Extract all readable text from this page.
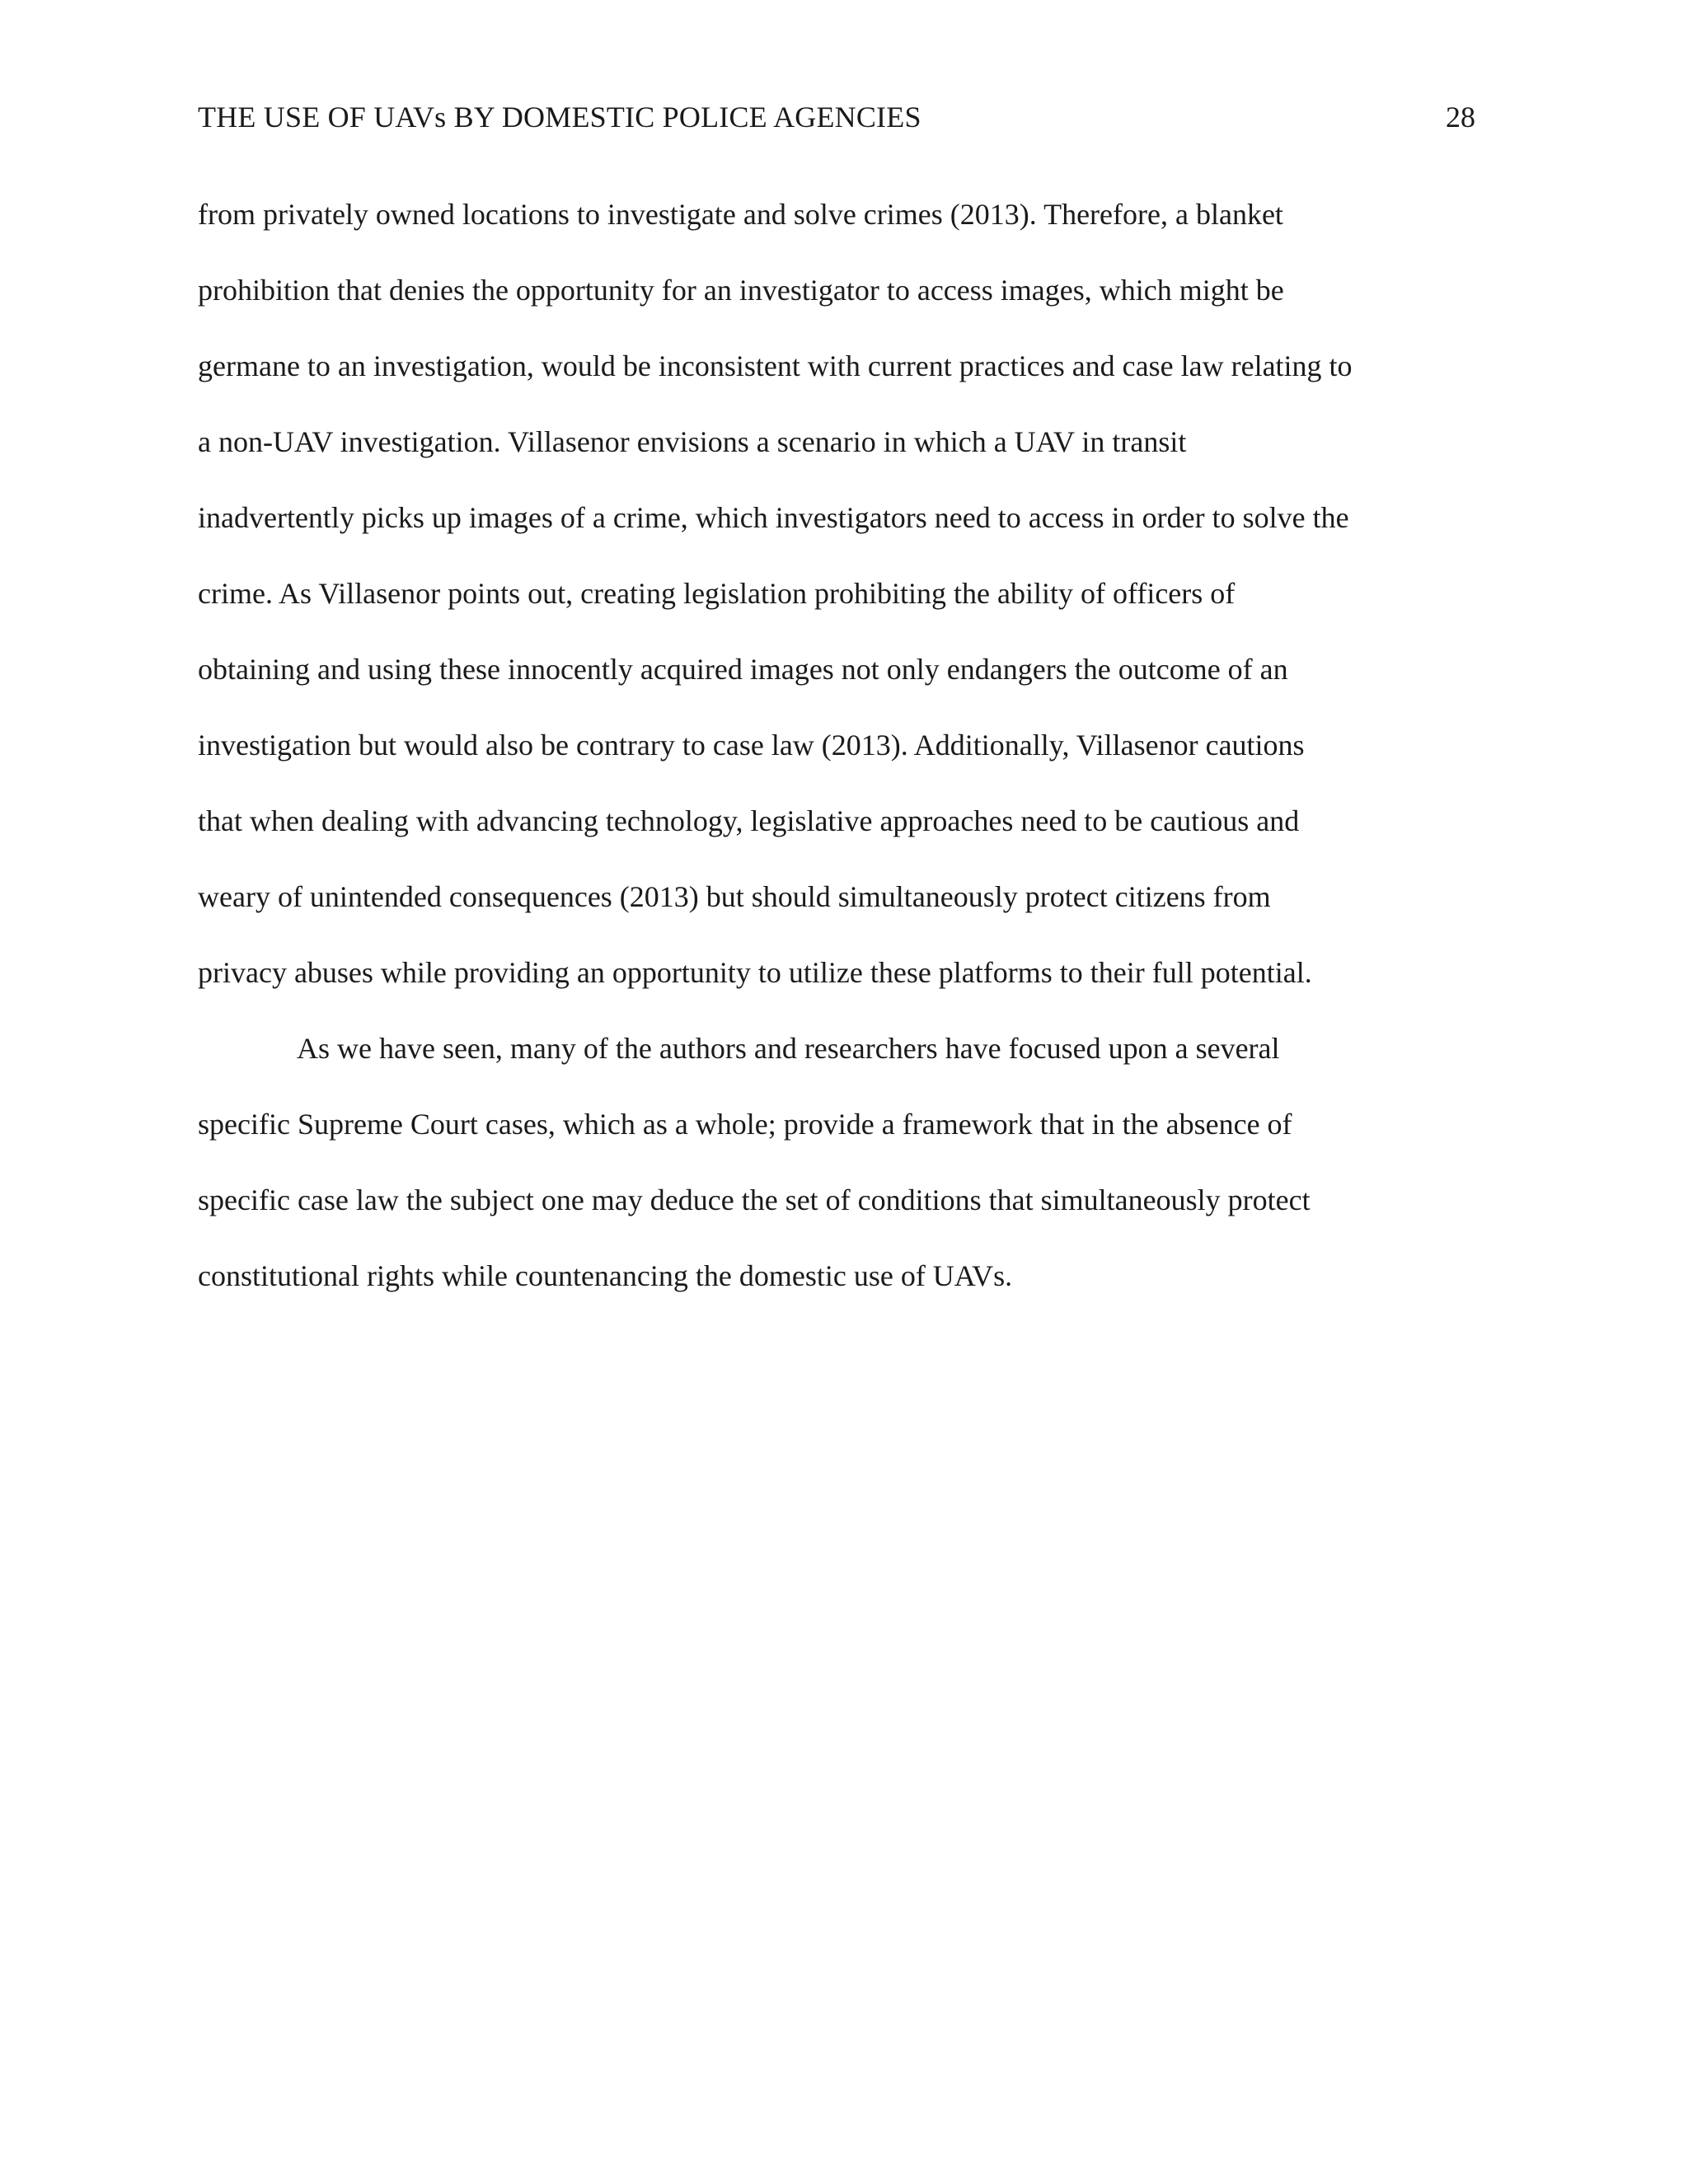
THE USE OF UAVs BY DOMESTIC POLICE AGENCIES	28
from privately owned locations to investigate and solve crimes (2013). Therefore, a blanket
prohibition that denies the opportunity for an investigator to access images, which might be
germane to an investigation, would be inconsistent with current practices and case law relating to
a non-UAV investigation. Villasenor envisions a scenario in which a UAV in transit
inadvertently picks up images of a crime, which investigators need to access in order to solve the
crime. As Villasenor points out, creating legislation prohibiting the ability of officers of
obtaining and using these innocently acquired images not only endangers the outcome of an
investigation but would also be contrary to case law (2013). Additionally, Villasenor cautions
that when dealing with advancing technology, legislative approaches need to be cautious and
weary of unintended consequences (2013) but should simultaneously protect citizens from
privacy abuses while providing an opportunity to utilize these platforms to their full potential.
As we have seen, many of the authors and researchers have focused upon a several
specific Supreme Court cases, which as a whole; provide a framework that in the absence of
specific case law the subject one may deduce the set of conditions that simultaneously protect
constitutional rights while countenancing the domestic use of UAVs.
